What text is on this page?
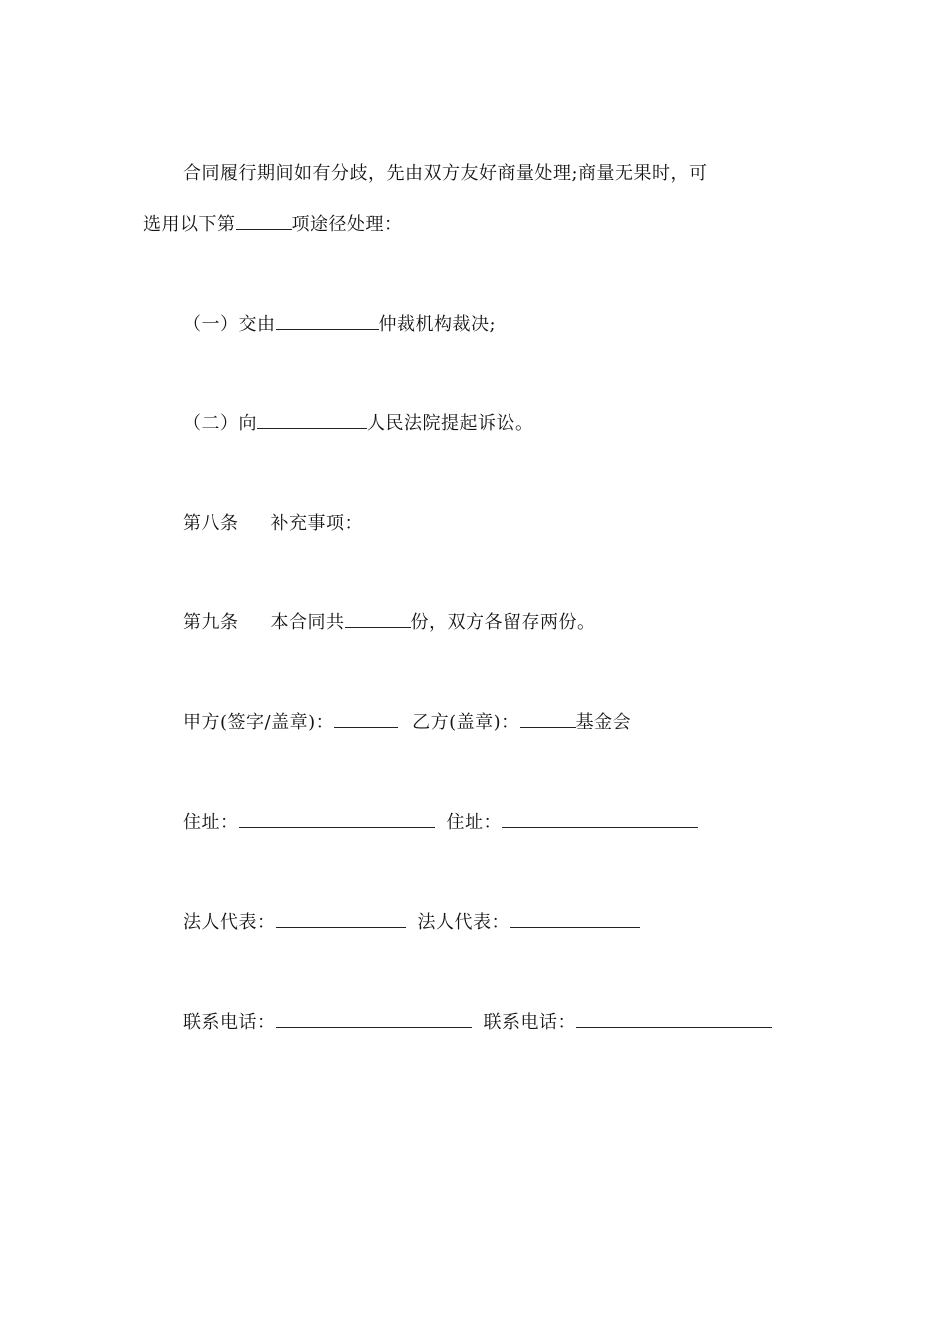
合同履行期间如有分歧，先由双方友好商量处理;商量无果时，可
选用以下第	项途径处理：
（一）交由	仲裁机构裁决;
（二）向	人民法院提起诉讼。
第八条 补充事项：
第九条 本合同共	份，双方各留存两份。
甲方(签字/盖章)：	乙方(盖章)：	基金会
住址：	住址：
法人代表：	法人代表：
联系电话：	联系电话：
